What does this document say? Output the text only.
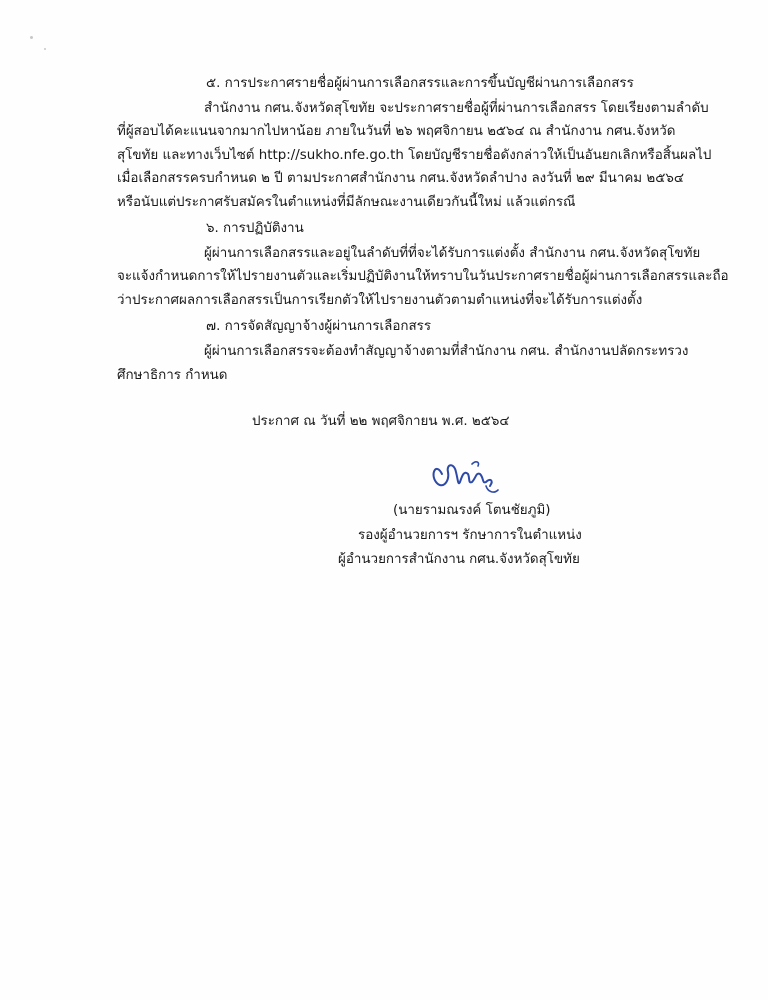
๕. การประกาศรายชื่อผู้ผ่านการเลือกสรรและการขึ้นบัญชีผ่านการเลือกสรร
สำนักงาน กศน.จังหวัดสุโขทัย จะประกาศรายชื่อผู้ที่ผ่านการเลือกสรร โดยเรียงตามลำดับ
ที่ผู้สอบได้คะแนนจากมากไปหาน้อย ภายในวันที่ ๒๖ พฤศจิกายน ๒๕๖๔ ณ สำนักงาน กศน.จังหวัด
สุโขทัย และทางเว็บไซต์ http://sukho.nfe.go.th โดยบัญชีรายชื่อดังกล่าวให้เป็นอันยกเลิกหรือสิ้นผลไป
เมื่อเลือกสรรครบกำหนด ๒ ปี ตามประกาศสำนักงาน กศน.จังหวัดลำปาง ลงวันที่ ๒๙ มีนาคม ๒๕๖๔
หรือนับแต่ประกาศรับสมัครในตำแหน่งที่มีลักษณะงานเดียวกันนี้ใหม่ แล้วแต่กรณี
๖. การปฏิบัติงาน
ผู้ผ่านการเลือกสรรและอยู่ในลำดับที่ที่จะได้รับการแต่งตั้ง สำนักงาน กศน.จังหวัดสุโขทัย
จะแจ้งกำหนดการให้ไปรายงานตัวและเริ่มปฏิบัติงานให้ทราบในวันประกาศรายชื่อผู้ผ่านการเลือกสรรและถือ
ว่าประกาศผลการเลือกสรรเป็นการเรียกตัวให้ไปรายงานตัวตามตำแหน่งที่จะได้รับการแต่งตั้ง
๗. การจัดสัญญาจ้างผู้ผ่านการเลือกสรร
ผู้ผ่านการเลือกสรรจะต้องทำสัญญาจ้างตามที่สำนักงาน กศน. สำนักงานปลัดกระทรวง
ศึกษาธิการ กำหนด
ประกาศ ณ วันที่ ๒๒ พฤศจิกายน พ.ศ. ๒๕๖๔
(นายรามณรงค์ โตนชัยภูมิ)
รองผู้อำนวยการฯ รักษาการในตำแหน่ง
ผู้อำนวยการสำนักงาน กศน.จังหวัดสุโขทัย
